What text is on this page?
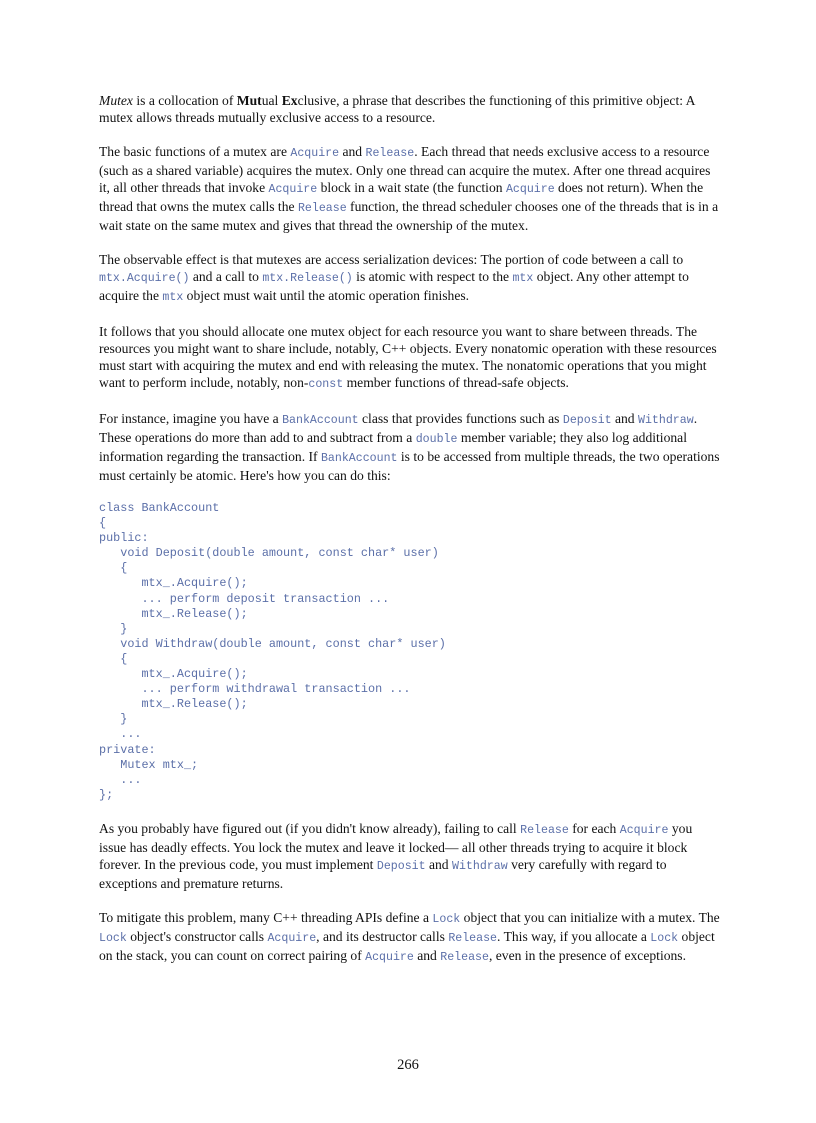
Mutex is a collocation of Mutual Exclusive, a phrase that describes the functioning of this primitive object: A mutex allows threads mutually exclusive access to a resource.

The basic functions of a mutex are Acquire and Release. Each thread that needs exclusive access to a resource (such as a shared variable) acquires the mutex. Only one thread can acquire the mutex. After one thread acquires it, all other threads that invoke Acquire block in a wait state (the function Acquire does not return). When the thread that owns the mutex calls the Release function, the thread scheduler chooses one of the threads that is in a wait state on the same mutex and gives that thread the ownership of the mutex.

The observable effect is that mutexes are access serialization devices: The portion of code between a call to mtx.Acquire() and a call to mtx.Release() is atomic with respect to the mtx object. Any other attempt to acquire the mtx object must wait until the atomic operation finishes.

It follows that you should allocate one mutex object for each resource you want to share between threads. The resources you might want to share include, notably, C++ objects. Every nonatomic operation with these resources must start with acquiring the mutex and end with releasing the mutex. The nonatomic operations that you might want to perform include, notably, non-const member functions of thread-safe objects.

For instance, imagine you have a BankAccount class that provides functions such as Deposit and Withdraw. These operations do more than add to and subtract from a double member variable; they also log additional information regarding the transaction. If BankAccount is to be accessed from multiple threads, the two operations must certainly be atomic. Here's how you can do this:

class BankAccount
{
public:
void Deposit(double amount, const char* user)
{
mtx_.Acquire();
... perform deposit transaction ...
mtx_.Release();
}
void Withdraw(double amount, const char* user)
{
mtx_.Acquire();
... perform withdrawal transaction ...
mtx_.Release();
}
...
private:
Mutex mtx_;
...
};

As you probably have figured out (if you didn't know already), failing to call Release for each Acquire you issue has deadly effects. You lock the mutex and leave it locked— all other threads trying to acquire it block forever. In the previous code, you must implement Deposit and Withdraw very carefully with regard to exceptions and premature returns.

To mitigate this problem, many C++ threading APIs define a Lock object that you can initialize with a mutex. The Lock object's constructor calls Acquire, and its destructor calls Release. This way, if you allocate a Lock object on the stack, you can count on correct pairing of Acquire and Release, even in the presence of exceptions.

266
